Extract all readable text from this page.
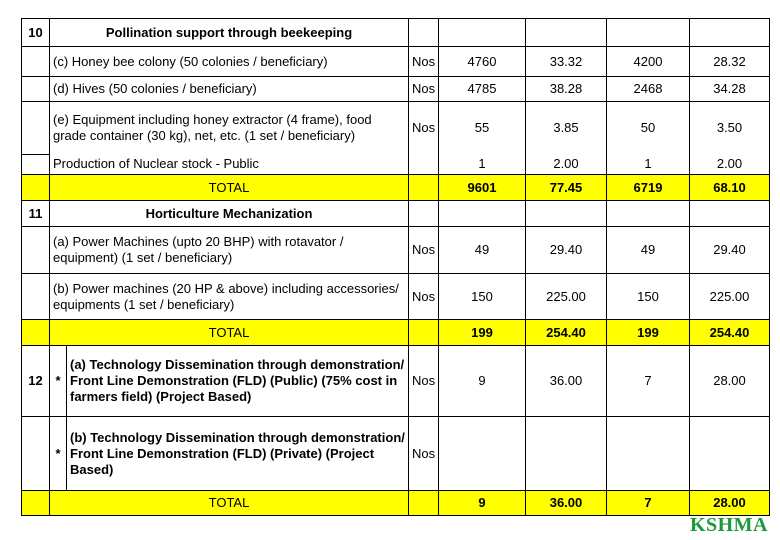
10	Pollination support through beekeeping						
	(c) Honey bee colony (50 colonies / beneficiary)		Nos	4760	33.32	4200	28.32
	(d) Hives (50 colonies / beneficiary)		Nos	4785	38.28	2468	34.28
	(e) Equipment including honey extractor (4 frame), food grade container (30 kg), net, etc. (1 set / beneficiary)		Nos	55	3.85	50	3.50
	Production of Nuclear stock - Public			1	2.00	1	2.00
	TOTAL			9601	77.45	6719	68.10
11	Horticulture Mechanization						
	(a) Power Machines (upto 20 BHP) with rotavator / equipment) (1 set / beneficiary)		Nos	49	29.40	49	29.40
	(b) Power machines (20 HP & above) including accessories/ equipments (1 set / beneficiary)		Nos	150	225.00	150	225.00
	TOTAL			199	254.40	199	254.40
12	*	(a) Technology Dissemination through demonstration/ Front Line Demonstration (FLD) (Public) (75% cost in farmers field) (Project Based)	Nos	9	36.00	7	28.00
	*	(b) Technology Dissemination through demonstration/ Front Line Demonstration (FLD) (Private) (Project Based)	Nos				
	TOTAL			9	36.00	7	28.00
KSHMA
